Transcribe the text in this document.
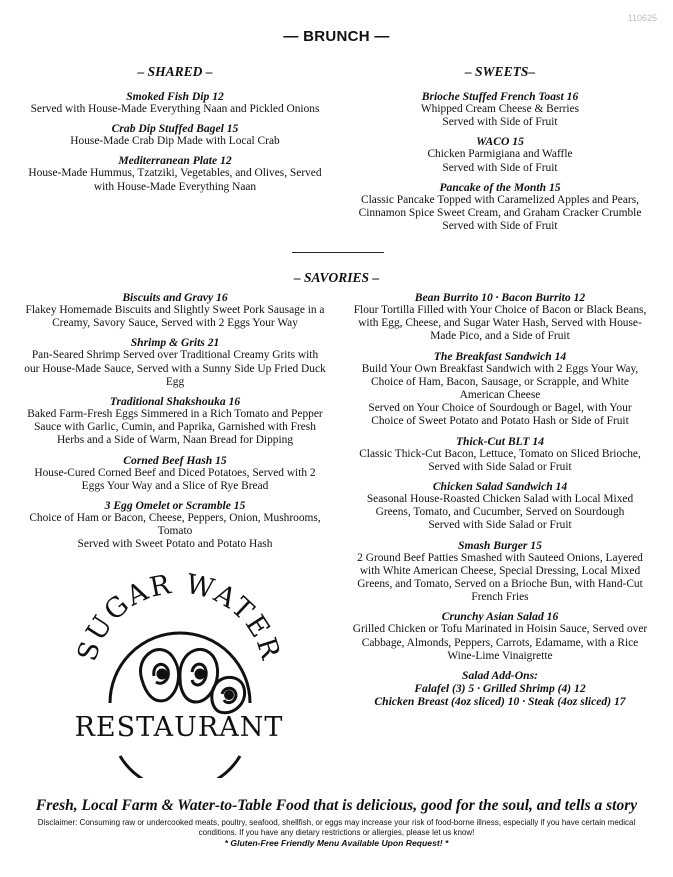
110625
— BRUNCH —
– SHARED –
Smoked Fish Dip 12
Served with House-Made Everything Naan and Pickled Onions
Crab Dip Stuffed Bagel 15
House-Made Crab Dip Made with Local Crab
Mediterranean Plate 12
House-Made Hummus, Tzatziki, Vegetables, and Olives, Served
with House-Made Everything Naan
– SWEETS–
Brioche Stuffed French Toast 16
Whipped Cream Cheese & Berries
Served with Side of Fruit
WACO 15
Chicken Parmigiana and Waffle
Served with Side of Fruit
Pancake of the Month 15
Classic Pancake Topped with Caramelized Apples and Pears,
Cinnamon Spice Sweet Cream, and Graham Cracker Crumble
Served with Side of Fruit
– SAVORIES –
Biscuits and Gravy 16
Flakey Homemade Biscuits and Slightly Sweet Pork Sausage in a
Creamy, Savory Sauce, Served with 2 Eggs Your Way
Shrimp & Grits 21
Pan-Seared Shrimp Served over Traditional Creamy Grits with
our House-Made Sauce, Served with a Sunny Side Up Fried Duck
Egg
Traditional Shakshouka 16
Baked Farm-Fresh Eggs Simmered in a Rich Tomato and Pepper
Sauce with Garlic, Cumin, and Paprika, Garnished with Fresh
Herbs and a Side of Warm, Naan Bread for Dipping
Corned Beef Hash 15
House-Cured Corned Beef and Diced Potatoes, Served with 2
Eggs Your Way and a Slice of Rye Bread
3 Egg Omelet or Scramble 15
Choice of Ham or Bacon, Cheese, Peppers, Onion, Mushrooms,
Tomato
Served with Sweet Potato and Potato Hash
Bean Burrito 10 · Bacon Burrito 12
Flour Tortilla Filled with Your Choice of Bacon or Black Beans,
with Egg, Cheese, and Sugar Water Hash, Served with House-
Made Pico, and a Side of Fruit
The Breakfast Sandwich 14
Build Your Own Breakfast Sandwich with 2 Eggs Your Way,
Choice of Ham, Bacon, Sausage, or Scrapple, and White
American Cheese
Served on Your Choice of Sourdough or Bagel, with Your
Choice of Sweet Potato and Potato Hash or Side of Fruit
Thick-Cut BLT 14
Classic Thick-Cut Bacon, Lettuce, Tomato on Sliced Brioche,
Served with Side Salad or Fruit
Chicken Salad Sandwich 14
Seasonal House-Roasted Chicken Salad with Local Mixed
Greens, Tomato, and Cucumber, Served on Sourdough
Served with Side Salad or Fruit
Smash Burger 15
2 Ground Beef Patties Smashed with Sauteed Onions, Layered
with White American Cheese, Special Dressing, Local Mixed
Greens, and Tomato, Served on a Brioche Bun, with Hand-Cut
French Fries
Crunchy Asian Salad 16
Grilled Chicken or Tofu Marinated in Hoisin Sauce, Served over
Cabbage, Almonds, Peppers, Carrots, Edamame, with a Rice
Wine-Lime Vinaigrette
Salad Add-Ons:
Falafel (3) 5 · Grilled Shrimp (4) 12
Chicken Breast (4oz sliced) 10 · Steak (4oz sliced) 17
SUGAR WATER
RESTAURANT
Fresh, Local Farm & Water-to-Table Food that is delicious, good for the soul, and tells a story
Disclaimer: Consuming raw or undercooked meats, poultry, seafood, shellfish, or eggs may increase your risk of food-borne illness, especially if you have certain medical
conditions. If you have any dietary restrictions or allergies, please let us know!
* Gluten-Free Friendly Menu Available Upon Request! *
